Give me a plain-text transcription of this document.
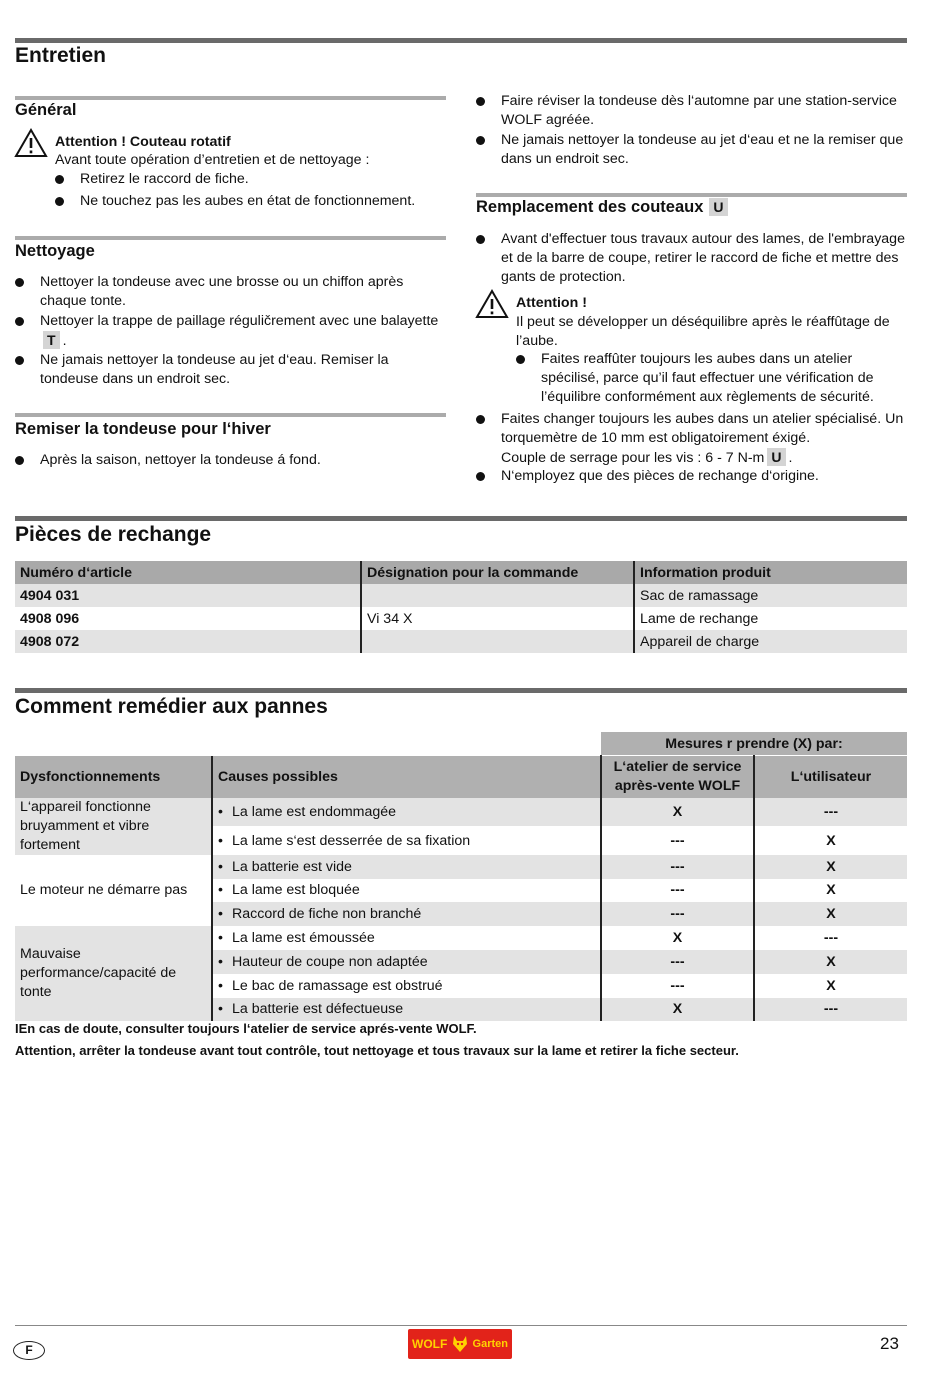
Entretien
Général
Attention ! Couteau rotatif
Avant toute opération d’entretien et de nettoyage :
Retirez le raccord de fiche.
Ne touchez pas les aubes en état de fonctionnement.
Nettoyage
Nettoyer la tondeuse avec une brosse ou un chiffon après chaque tonte.
Nettoyer la trappe de paillage réguličrement avec une balayetteT .
Ne jamais nettoyer la tondeuse au jet d‘eau. Remiser la tondeuse dans un endroit sec.
Remiser la tondeuse pour l‘hiver
Après la saison, nettoyer la tondeuse á fond.
Faire réviser la tondeuse dès l‘automne par une station-service WOLF agréée.
Ne jamais nettoyer la tondeuse au jet d‘eau et ne la remiser que dans un endroit sec.
Remplacement des couteaux U
Avant d'effectuer tous travaux autour des lames, de l'embrayage et de la barre de coupe, retirer le raccord de fiche et mettre des gants de protection.
Attention !
Il peut se développer un déséquilibre après le réaffûtage de l’aube.
Faites reaffûter toujours les aubes dans un atelier spécilisé, parce qu’il faut effectuer une vérification de l’équilibre conformément aux règlements de sécurité.
Faites changer toujours les aubes dans un atelier spécialisé. Un torquemètre de 10 mm est obligatoirement éxigé.
Couple de serrage pour les vis : 6 - 7 N-m U .
N‘employez que des pièces de rechange d‘origine.
Pièces de rechange
Numéro d‘article	Désignation pour la commande	Information produit
4904 031		Sac de ramassage
4908 096	Vi 34 X	Lame de rechange
4908 072		Appareil de charge
Comment remédier aux pannes
		Mesures r prendre (X) par:	
Dysfonctionnements	Causes possibles	L‘atelier de service après-vente WOLF	L‘utilisateur
L‘appareil fonctionne bruyamment et vibre fortement	• La lame est endommagée	X	---
	• La lame s‘est desserrée de sa fixation	---	X
Le moteur ne démarre pas	• La batterie est vide	---	X
	• La lame est bloquée	---	X
	• Raccord de fiche non branché	---	X
Mauvaise performance/capacité de tonte	• La lame est émoussée	X	---
	• Hauteur de coupe non adaptée	---	X
	• Le bac de ramassage est obstrué	---	X
	• La batterie est défectueuse	X	---
IEn cas de doute, consulter toujours l‘atelier de service aprés-vente WOLF.
Attention, arrêter la tondeuse avant tout contrôle, tout nettoyage et tous travaux sur la lame et retirer la fiche secteur.
F	WOLF Garten	23
